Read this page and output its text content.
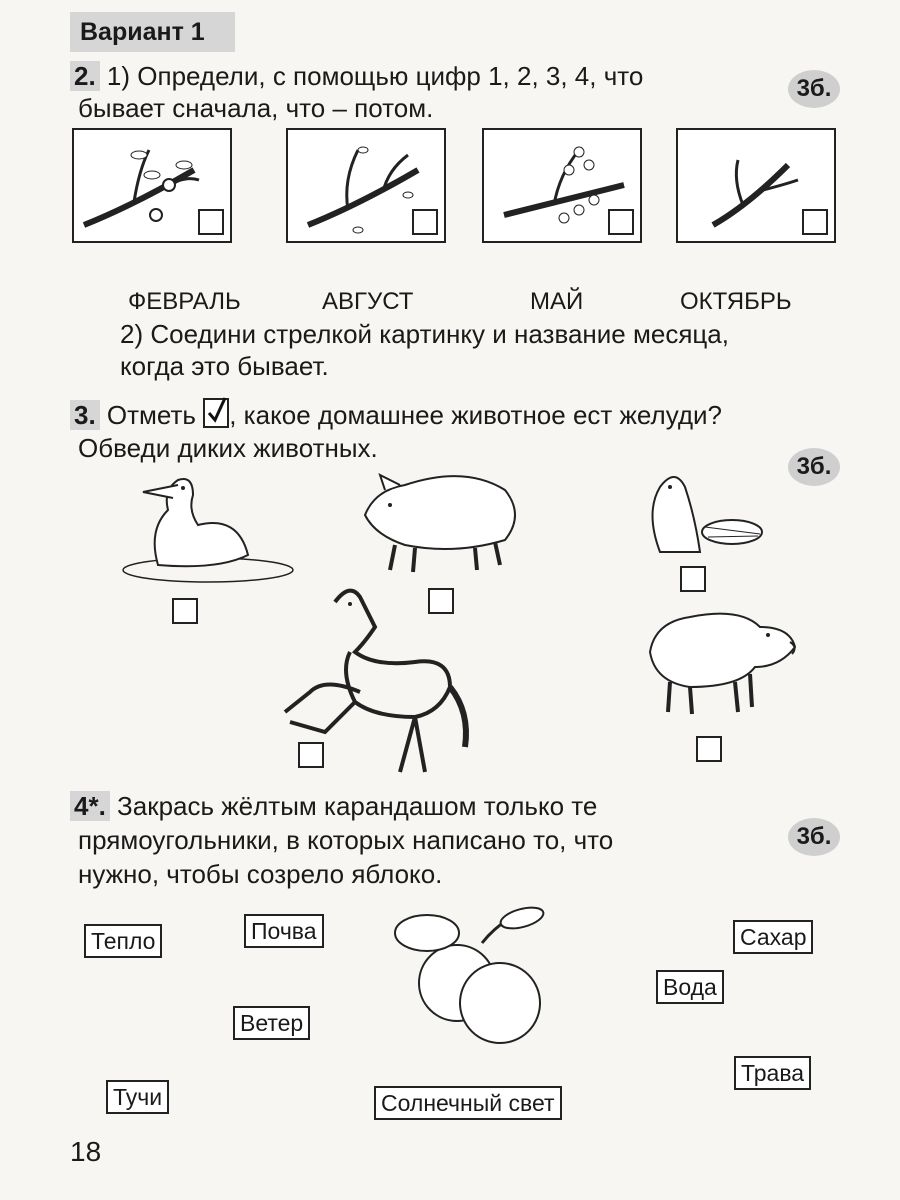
Вариант 1
2. 1) Определи, с помощью цифр 1, 2, 3, 4, что
бывает сначала, что – потом.
3б.
ФЕВРАЛЬ	АВГУСТ	МАЙ	ОКТЯБРЬ
2) Соедини стрелкой картинку и название месяца,
когда это бывает.
3. Отметь , какое домашнее животное ест желуди?
Обведи диких животных.
3б.
4*. Закрась жёлтым карандашом только те
прямоугольники, в которых написано то, что
нужно, чтобы созрело яблоко.
3б.
Тепло	Почва	Сахар
Вода
Ветер
Трава
Тучи	Солнечный свет
18
